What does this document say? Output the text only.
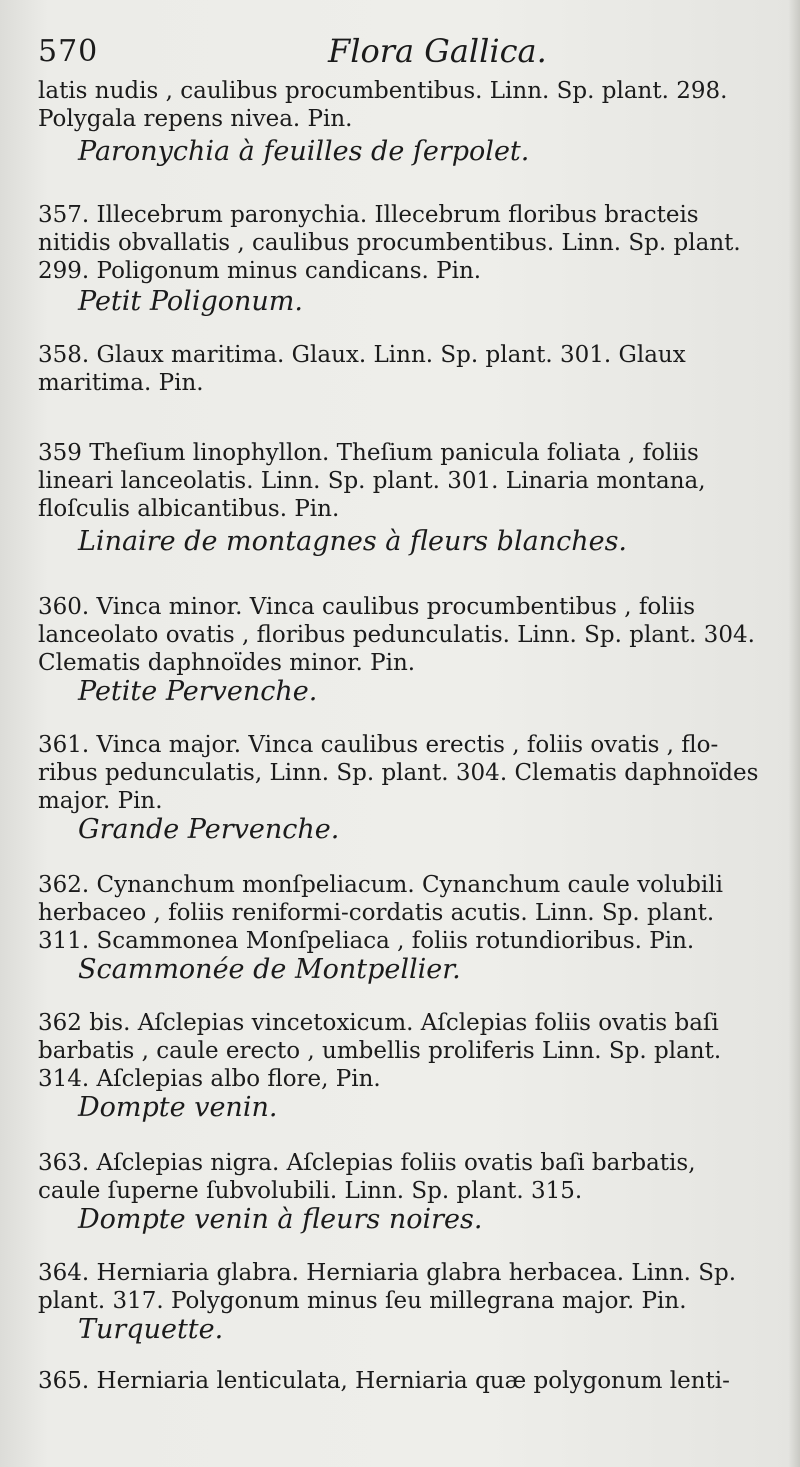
570	Flora Gallica.
latis nudis , caulibus procumbentibus. Linn. Sp. plant. 298.
Polygala repens nivea. Pin.
Paronychia à feuilles de ſerpolet.
357. Illecebrum paronychia. Illecebrum floribus bracteis
nitidis obvallatis , caulibus procumbentibus. Linn. Sp. plant.
299. Poligonum minus candicans. Pin.
Petit Poligonum.
358. Glaux maritima. Glaux. Linn. Sp. plant. 301. Glaux
maritima. Pin.
359 Theſium linophyllon. Theſium panicula foliata , foliis
lineari lanceolatis. Linn. Sp. plant. 301. Linaria montana,
floſculis albicantibus. Pin.
Linaire de montagnes à fleurs blanches.
360. Vinca minor. Vinca caulibus procumbentibus , foliis
lanceolato ovatis , floribus pedunculatis. Linn. Sp. plant. 304.
Clematis daphnoïdes minor. Pin.
Petite Pervenche.
361. Vinca major. Vinca caulibus erectis , foliis ovatis , flo-
ribus pedunculatis, Linn. Sp. plant. 304. Clematis daphnoïdes
major. Pin.
Grande Pervenche.
362. Cynanchum monſpeliacum. Cynanchum caule volubili
herbaceo , foliis reniformi-cordatis acutis. Linn. Sp. plant.
311. Scammonea Monſpeliaca , foliis rotundioribus. Pin.
Scammonée de Montpellier.
362 bis. Aſclepias vincetoxicum. Aſclepias foliis ovatis baſi
barbatis , caule erecto , umbellis proliferis Linn. Sp. plant.
314. Aſclepias albo flore, Pin.
Dompte venin.
363. Aſclepias nigra. Aſclepias foliis ovatis baſi barbatis,
caule ſuperne ſubvolubili. Linn. Sp. plant. 315.
Dompte venin à fleurs noires.
364. Herniaria glabra. Herniaria glabra herbacea. Linn. Sp.
plant. 317. Polygonum minus ſeu millegrana major. Pin.
Turquette.
365. Herniaria lenticulata, Herniaria quæ polygonum lenti-
